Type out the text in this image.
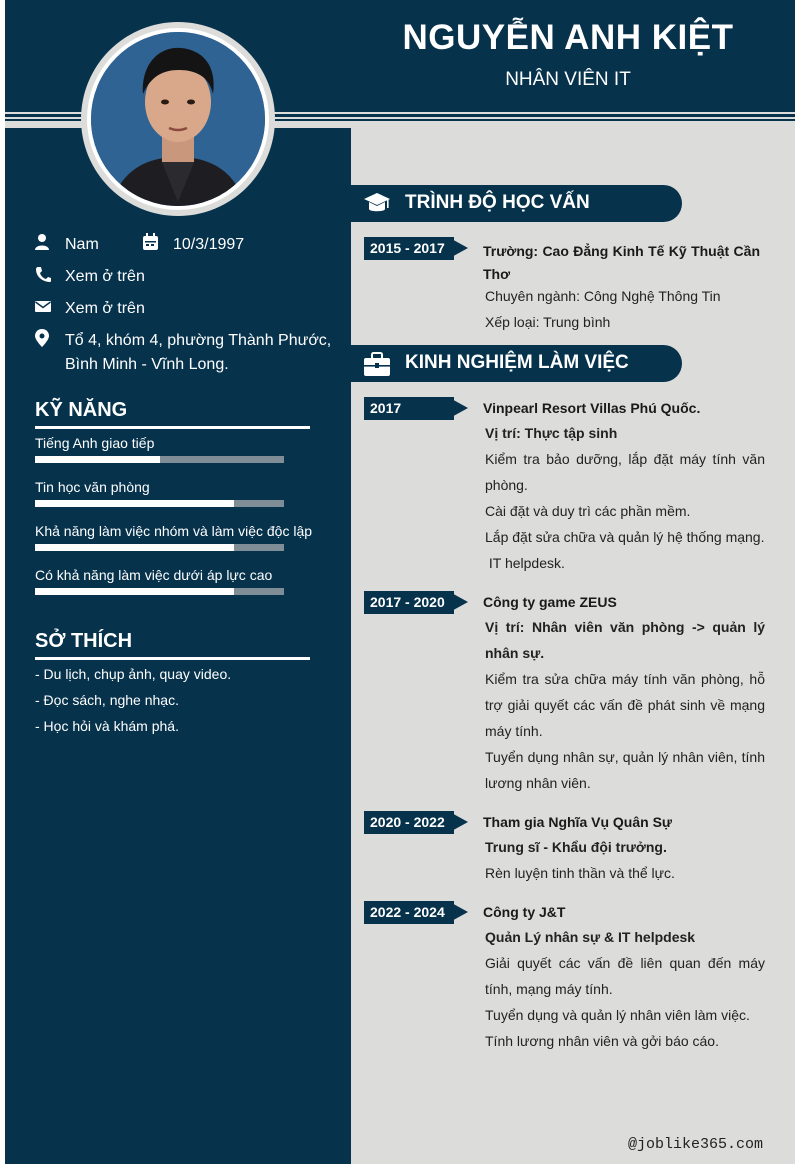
NGUYỄN ANH KIỆT
NHÂN VIÊN IT
Nam	10/3/1997
Xem ở trên
Xem ở trên
Tổ 4, khóm 4, phường Thành Phước,
Bình Minh - Vĩnh Long.
KỸ NĂNG
Tiếng Anh giao tiếp
Tin học văn phòng
Khả năng làm việc nhóm và làm việc độc lập
Có khả năng làm việc dưới áp lực cao
SỞ THÍCH
- Du lịch, chụp ảnh, quay video.
- Đọc sách, nghe nhạc.
- Học hỏi và khám phá.
TRÌNH ĐỘ HỌC VẤN
2015 - 2017	Trường: Cao Đẳng Kinh Tế Kỹ Thuật Cần
Thơ
Chuyên ngành: Công Nghệ Thông Tin
Xếp loại: Trung bình
KINH NGHIỆM LÀM VIỆC
2017	Vinpearl Resort Villas Phú Quốc.
Vị trí: Thực tập sinh
Kiểm tra bảo dưỡng, lắp đặt máy tính văn phòng.
Cài đặt và duy trì các phần mềm.
Lắp đặt sửa chữa và quản lý hệ thống mạng.
IT helpdesk.
2017 - 2020	Công ty game ZEUS
Vị trí: Nhân viên văn phòng -> quản lý nhân sự.
Kiểm tra sửa chữa máy tính văn phòng, hỗ trợ giải quyết các vấn đề phát sinh về mạng máy tính.
Tuyển dụng nhân sự, quản lý nhân viên, tính lương nhân viên.
2020 - 2022	Tham gia Nghĩa Vụ Quân Sự
Trung sĩ - Khẩu đội trưởng.
Rèn luyện tinh thần và thể lực.
2022 - 2024	Công ty J&T
Quản Lý nhân sự & IT helpdesk
Giải quyết các vấn đề liên quan đến máy tính, mạng máy tính.
Tuyển dụng và quản lý nhân viên làm việc.
Tính lương nhân viên và gởi báo cáo.
@joblike365.com
